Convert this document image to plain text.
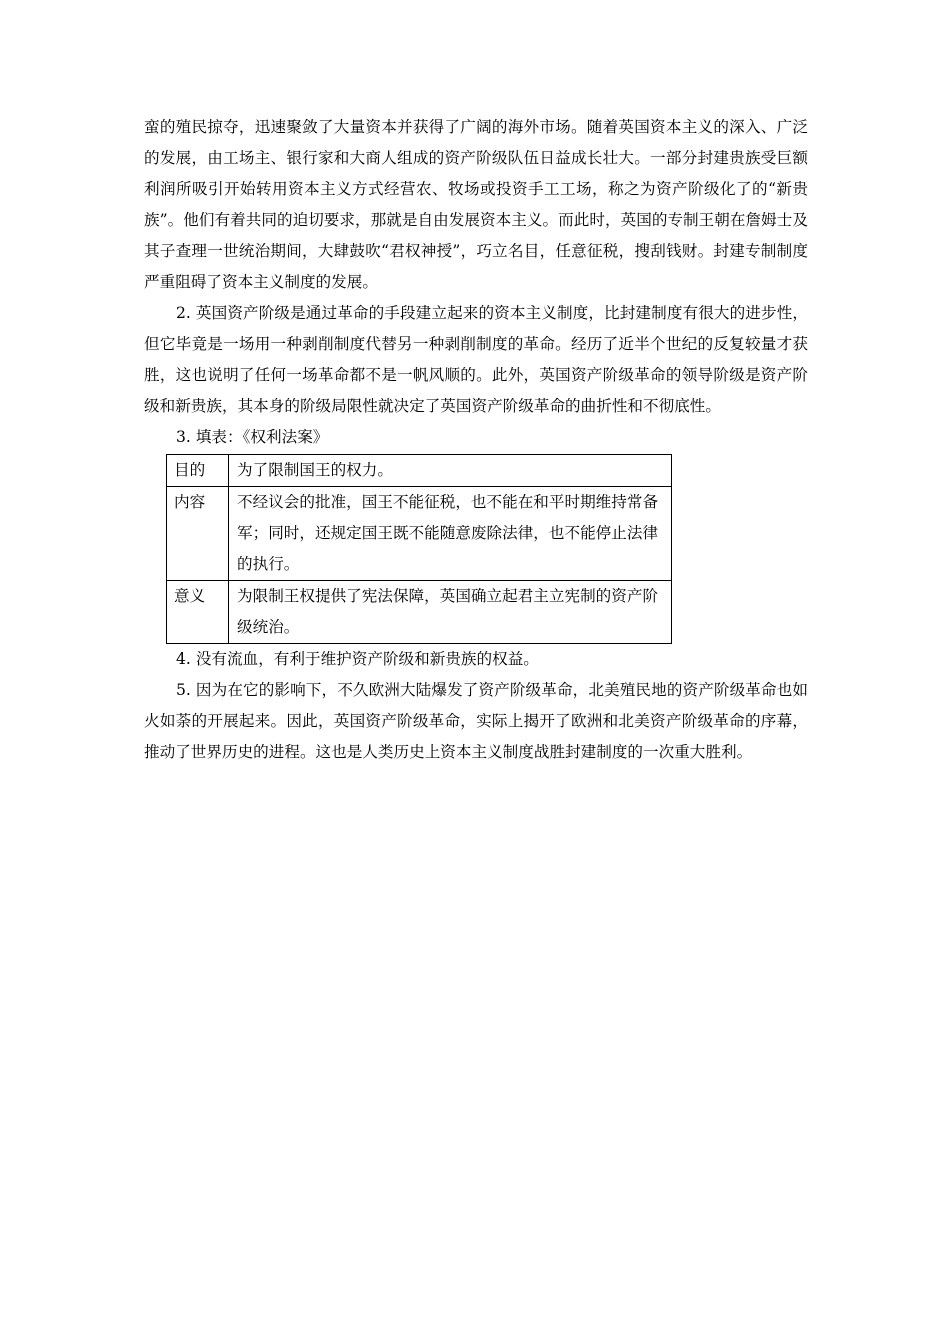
蛮的殖民掠夺，迅速聚敛了大量资本并获得了广阔的海外市场。随着英国资本主义的深入、广泛的发展，由工场主、银行家和大商人组成的资产阶级队伍日益成长壮大。一部分封建贵族受巨额利润所吸引开始转用资本主义方式经营农、牧场或投资手工工场，称之为资产阶级化了的“新贵族”。他们有着共同的迫切要求，那就是自由发展资本主义。而此时，英国的专制王朝在詹姆士及其子查理一世统治期间，大肆鼓吹“君权神授”，巧立名目，任意征税，搜刮钱财。封建专制制度严重阻碍了资本主义制度的发展。

2. 英国资产阶级是通过革命的手段建立起来的资本主义制度，比封建制度有很大的进步性，但它毕竟是一场用一种剥削制度代替另一种剥削制度的革命。经历了近半个世纪的反复较量才获胜，这也说明了任何一场革命都不是一帆风顺的。此外，英国资产阶级革命的领导阶级是资产阶级和新贵族，其本身的阶级局限性就决定了英国资产阶级革命的曲折性和不彻底性。

3. 填表：《权利法案》

目的	为了限制国王的权力。
内容	不经议会的批准，国王不能征税，也不能在和平时期维持常备军；同时，还规定国王既不能随意废除法律，也不能停止法律的执行。
意义	为限制王权提供了宪法保障，英国确立起君主立宪制的资产阶级统治。

4. 没有流血，有利于维护资产阶级和新贵族的权益。

5. 因为在它的影响下，不久欧洲大陆爆发了资产阶级革命，北美殖民地的资产阶级革命也如火如荼的开展起来。因此，英国资产阶级革命，实际上揭开了欧洲和北美资产阶级革命的序幕，推动了世界历史的进程。这也是人类历史上资本主义制度战胜封建制度的一次重大胜利。
